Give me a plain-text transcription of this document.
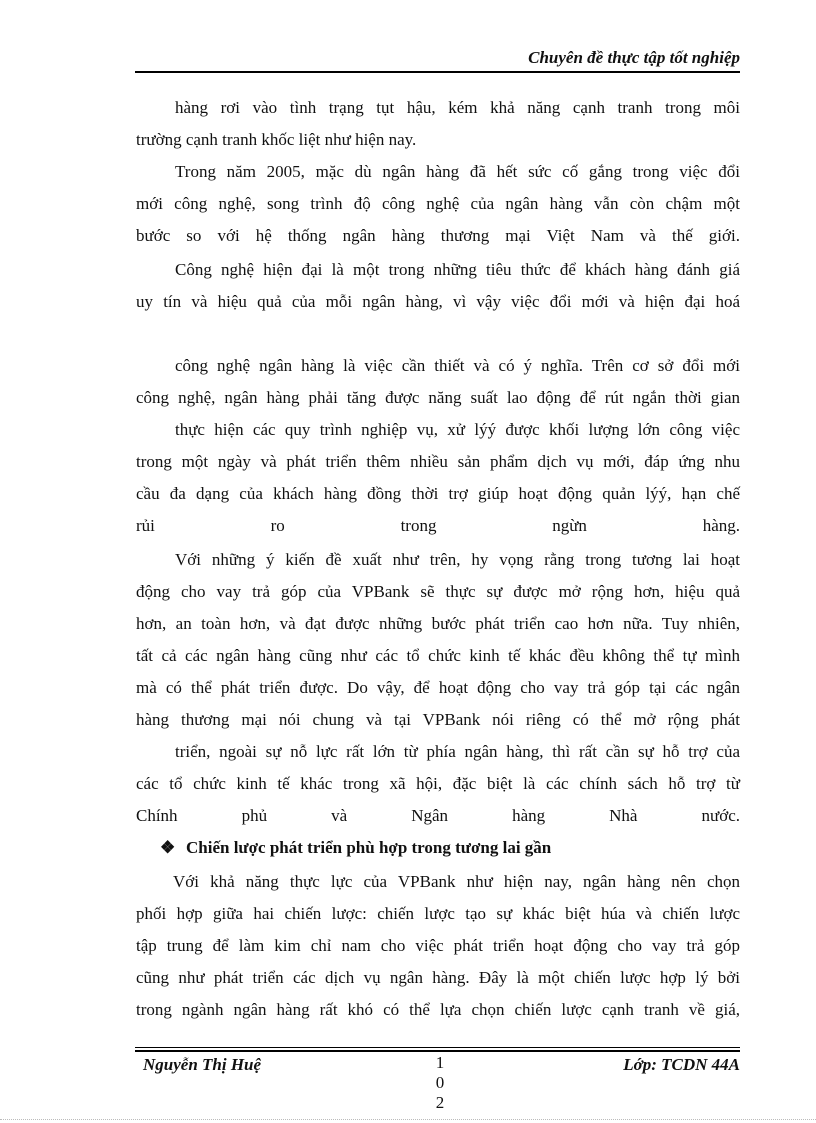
Chuyên đề thực tập tốt nghiệp
hàng rơi vào tình trạng tụt hậu, kém khả năng cạnh tranh trong môi
trường cạnh tranh khốc liệt như hiện nay.
Trong năm 2005, mặc dù ngân hàng đã hết sức cố gắng trong việc đổi
mới công nghệ, song trình độ công nghệ của ngân hàng vẫn còn chậm một
bước so với hệ thống ngân hàng thương mại Việt Nam và thế giới.
Công nghệ hiện đại là một trong những tiêu thức để khách hàng đánh giá
uy tín và hiệu quả của mỗi ngân hàng, vì vậy việc đổi mới và hiện đại hoá
công nghệ ngân hàng là việc cần thiết và có ý nghĩa. Trên cơ sở đổi mới
công nghệ, ngân hàng phải tăng được năng suất lao động để rút ngắn thời gian
thực hiện các quy trình nghiệp vụ, xử lýý được khối lượng lớn công việc
trong một ngày và phát triển thêm nhiều sản phẩm dịch vụ mới, đáp ứng nhu
cầu đa dạng của khách hàng đồng thời trợ giúp hoạt động quản lýý, hạn chế
rủi ro trong ngừn hàng.
Với những ý kiến đề xuất như trên, hy vọng rằng trong tương lai hoạt
động cho vay trả góp của VPBank sẽ thực sự được mở rộng hơn, hiệu quả
hơn, an toàn hơn, và đạt được những bước phát triển cao hơn nữa. Tuy nhiên,
tất cả các ngân hàng cũng như các tổ chức kinh tế khác đều không thể tự mình
mà có thể phát triển được. Do vậy, để hoạt động cho vay trả góp tại các ngân
hàng thương mại nói chung và tại VPBank nói riêng có thể mở rộng phát
triển, ngoài sự nỗ lực rất lớn từ phía ngân hàng, thì rất cần sự hỗ trợ của
các tổ chức kinh tế khác trong xã hội, đặc biệt là các chính sách hỗ trợ từ
Chính phủ và Ngân hàng Nhà nước.
❖ Chiến lược phát triển phù hợp trong tương lai gần
Với khả năng thực lực của VPBank như hiện nay, ngân hàng nên chọn
phối hợp giữa hai chiến lược: chiến lược tạo sự khác biệt húa và chiến lược
tập trung để làm kim chỉ nam cho việc phát triển hoạt động cho vay trả góp
cũng như phát triển các dịch vụ ngân hàng. Đây là một chiến lược hợp lý bởi
trong ngành ngân hàng rất khó có thể lựa chọn chiến lược cạnh tranh về giá,
Nguyễn Thị Huệ	1
0
2
Lớp: TCDN 44A
